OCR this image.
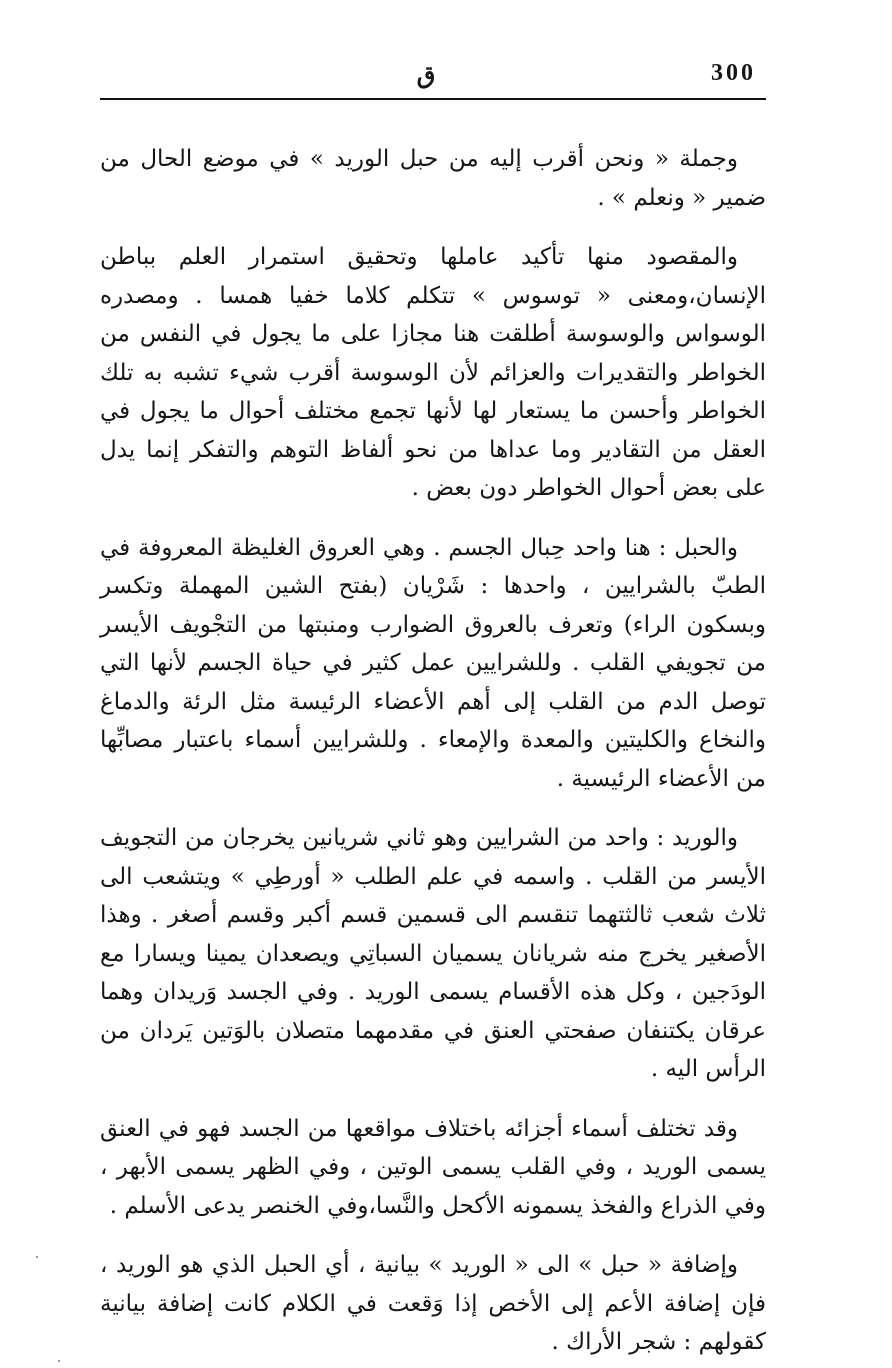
ق	300

وجملة « ونحن أقرب إليه من حبل الوريد » في موضع الحال من ضمير « ونعلم » .

والمقصود منها تأكيد عاملها وتحقيق استمرار العلم بباطن الإنسان،ومعنى « توسوس » تتكلم كلاما خفيا همسا . ومصدره الوسواس والوسوسة أطلقت هنا مجازا على ما يجول في النفس من الخواطر والتقديرات والعزائم لأن الوسوسة أقرب شيء تشبه به تلك الخواطر وأحسن ما يستعار لها لأنها تجمع مختلف أحوال ما يجول في العقل من التقادير وما عداها من نحو ألفاظ التوهم والتفكر إنما يدل على بعض أحوال الخواطر دون بعض .

والحبل : هنا واحد حِبال الجسم . وهي العروق الغليظة المعروفة في الطبّ بالشرايين ، واحدها : شَرْيان (بفتح الشين المهملة وتكسر وبسكون الراء) وتعرف بالعروق الضوارب ومنبتها من التجْويف الأيسر من تجويفي القلب . وللشرايين عمل كثير في حياة الجسم لأنها التي توصل الدم من القلب إلى أهم الأعضاء الرئيسة مثل الرئة والدماغ والنخاع والكليتين والمعدة والإمعاء . وللشرايين أسماء باعتبار مصابِّها من الأعضاء الرئيسية .

والوريد : واحد من الشرايين وهو ثاني شريانين يخرجان من التجويف الأيسر من القلب . واسمه في علم الطلب « أورطِي » ويتشعب الى ثلاث شعب ثالثتهما تنقسم الى قسمين قسم أكبر وقسم أصغر . وهذا الأصغير يخرج منه شريانان يسميان السباتِي ويصعدان يمينا ويسارا مع الودَجين ، وكل هذه الأقسام يسمى الوريد . وفي الجسد وَريدان وهما عرقان يكتنفان صفحتي العنق في مقدمهما متصلان بالوَتين يَردان من الرأس اليه .

وقد تختلف أسماء أجزائه باختلاف مواقعها من الجسد فهو في العنق يسمى الوريد ، وفي القلب يسمى الوتين ، وفي الظهر يسمى الأبهر ، وفي الذراع والفخذ يسمونه الأكحل والنَّسا،وفي الخنصر يدعى الأسلم .

وإضافة « حبل » الى « الوريد » بيانية ، أي الحبل الذي هو الوريد ، فإن إضافة الأعم إلى الأخص إذا وَقعت في الكلام كانت إضافة بيانية كقولهم : شجر الأراك .
